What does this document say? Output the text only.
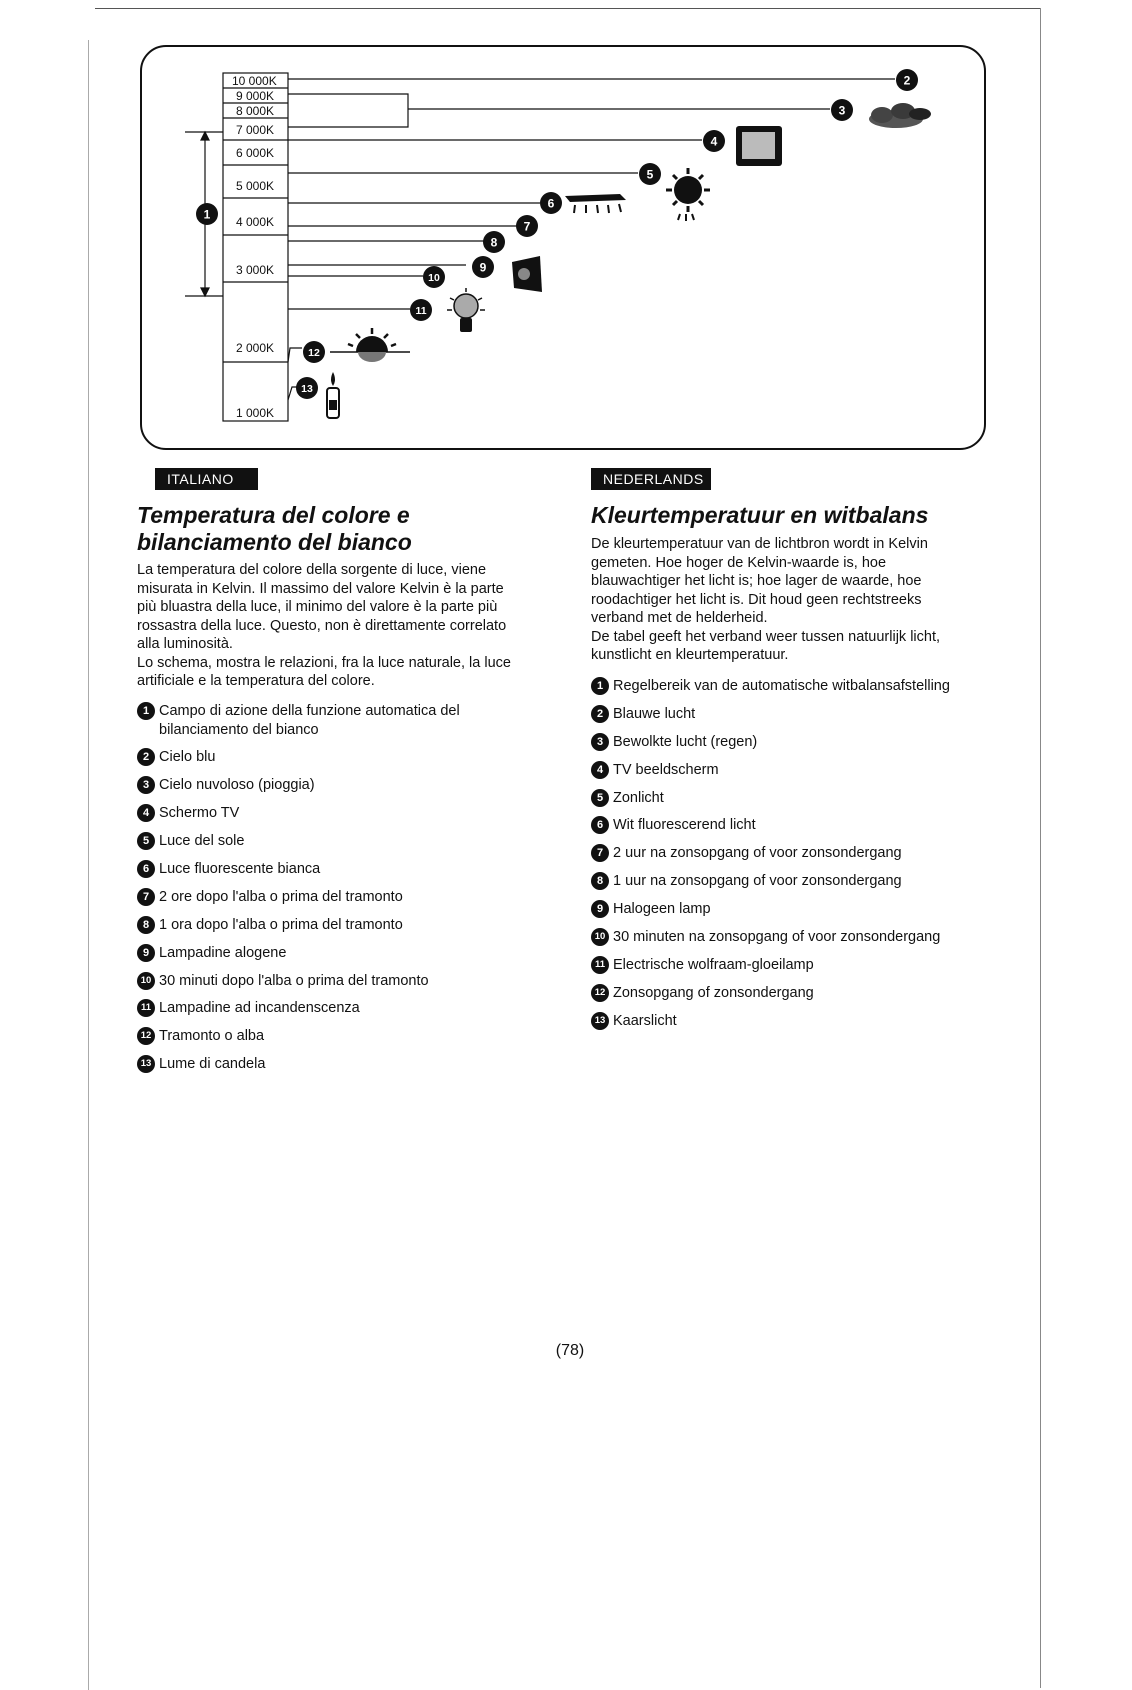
10 000K
9 000K
8 000K
7 000K
6 000K
5 000K
4 000K
3 000K
2 000K
1 000K
1
2
3
4
5
6
7
8
9
10
11
12
13
ITALIANO
Temperatura del colore e
bilanciamento del bianco

La temperatura del colore della sorgente di luce, viene misurata in Kelvin. Il massimo del valore Kelvin è la parte più bluastra della luce, il minimo del valore è la parte più rossastra della luce. Questo, non è direttamente correlato alla luminosità.

Lo schema, mostra le relazioni, fra la luce naturale, la luce artificiale e la temperatura del colore.

1 Campo di azione della funzione automatica del bilanciamento del bianco
2 Cielo blu
3 Cielo nuvoloso (pioggia)
4 Schermo TV
5 Luce del sole
6 Luce fluorescente bianca
7 2 ore dopo l'alba o prima del tramonto
8 1 ora dopo l'alba o prima del tramonto
9 Lampadine alogene
10 30 minuti dopo l'alba o prima del tramonto
11 Lampadine ad incandenscenza
12 Tramonto o alba
13 Lume di candela
NEDERLANDS
Kleurtemperatuur en witbalans

De kleurtemperatuur van de lichtbron wordt in Kelvin gemeten. Hoe hoger de Kelvin-waarde is, hoe blauwachtiger het licht is; hoe lager de waarde, hoe roodachtiger het licht is. Dit houd geen rechtstreeks verband met de helderheid.

De tabel geeft het verband weer tussen natuurlijk licht, kunstlicht en kleurtemperatuur.

1 Regelbereik van de automatische witbalansafstelling
2 Blauwe lucht
3 Bewolkte lucht (regen)
4 TV beeldscherm
5 Zonlicht
6 Wit fluorescerend licht
7 2 uur na zonsopgang of voor zonsondergang
8 1 uur na zonsopgang of voor zonsondergang
9 Halogeen lamp
10 30 minuten na zonsopgang of voor zonsondergang
11 Electrische wolfraam-gloeilamp
12 Zonsopgang of zonsondergang
13 Kaarslicht
(78)
